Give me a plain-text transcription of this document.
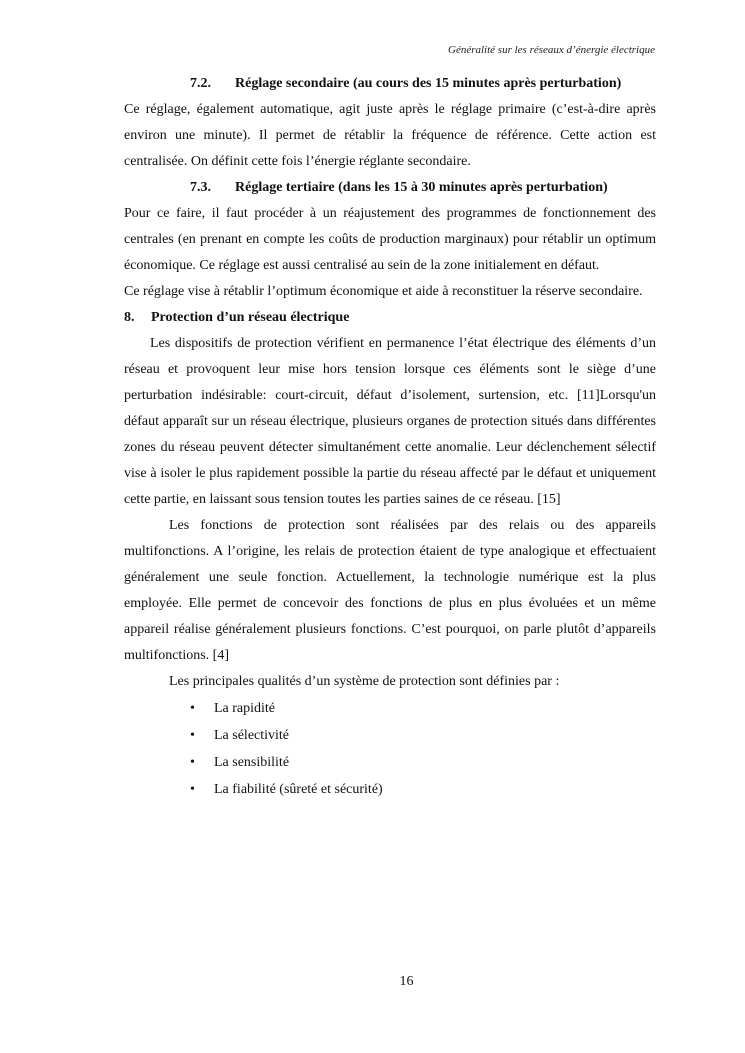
Généralité sur les réseaux d’énergie électrique

7.2. Réglage secondaire (au cours des 15 minutes après perturbation)

Ce réglage, également automatique, agit juste après le réglage primaire (c’est-à-dire après environ une minute). Il permet de rétablir la fréquence de référence. Cette action est centralisée. On définit cette fois l’énergie réglante secondaire.

7.3. Réglage tertiaire (dans les 15 à 30 minutes après perturbation)

Pour ce faire, il faut procéder à un réajustement des programmes de fonctionnement des centrales (en prenant en compte les coûts de production marginaux) pour rétablir un optimum économique. Ce réglage est aussi centralisé au sein de la zone initialement en défaut.

Ce réglage vise à rétablir l’optimum économique et aide à reconstituer la réserve secondaire.

8. Protection d’un réseau électrique

Les dispositifs de protection vérifient en permanence l’état électrique des éléments d’un réseau et provoquent leur mise hors tension lorsque ces éléments sont le siège d’une perturbation indésirable: court-circuit, défaut d’isolement, surtension, etc. [11]Lorsqu'un défaut apparaît sur un réseau électrique, plusieurs organes de protection situés dans différentes zones du réseau peuvent détecter simultanément cette anomalie. Leur déclenchement sélectif vise à isoler le plus rapidement possible la partie du réseau affecté par le défaut et uniquement cette partie, en laissant sous tension toutes les parties saines de ce réseau. [15]

Les fonctions de protection sont réalisées par des relais ou des appareils multifonctions. A l’origine, les relais de protection étaient de type analogique et effectuaient généralement une seule fonction. Actuellement, la technologie numérique est la plus employée. Elle permet de concevoir des fonctions de plus en plus évoluées et un même appareil réalise généralement plusieurs fonctions. C’est pourquoi, on parle plutôt d’appareils multifonctions. [4]

Les principales qualités d’un système de protection sont définies par :

• La rapidité
• La sélectivité
• La sensibilité
• La fiabilité (sûreté et sécurité)
16
